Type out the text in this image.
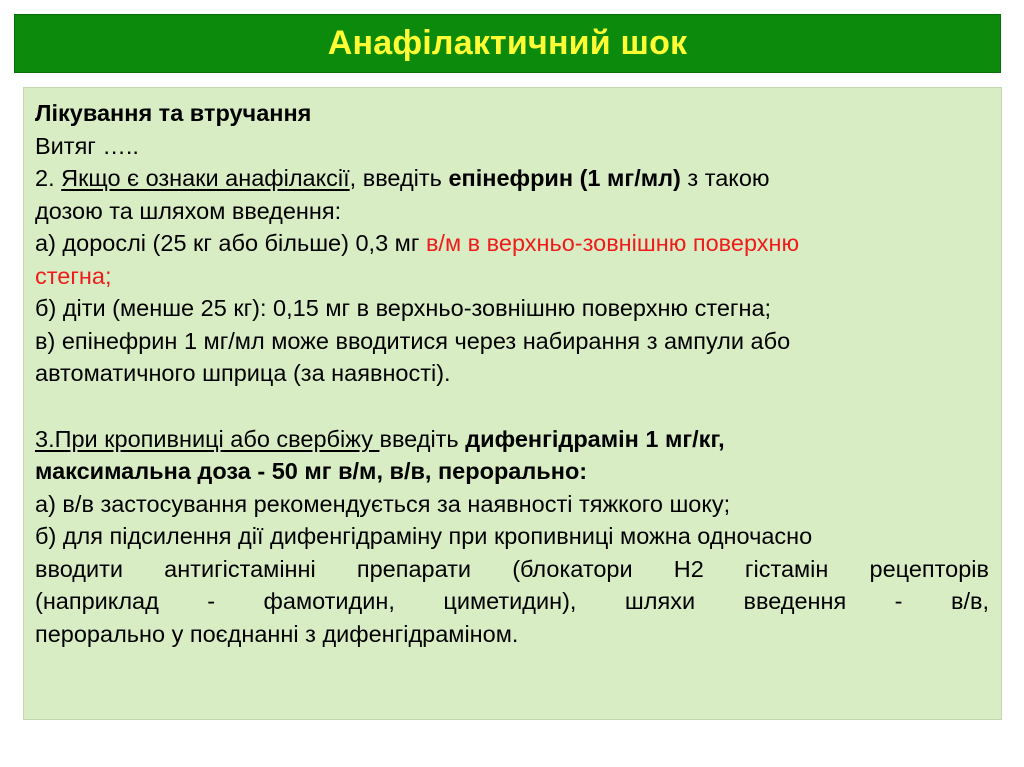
Анафілактичний шок
Лікування та втручання
Витяг …..
2. Якщо є ознаки анафілаксії, введіть епінефрин (1 мг/мл) з такою
дозою та шляхом введення:
а) дорослі (25 кг або більше) 0,3 мг в/м в верхньо-зовнішню поверхню
стегна;
б) діти (менше 25 кг): 0,15 мг в верхньо-зовнішню поверхню стегна;
в) епінефрин 1 мг/мл може вводитися через набирання з ампули або
автоматичного шприца (за наявності).
3.При кропивниці або свербіжу введіть дифенгідрамін 1 мг/кг,
максимальна доза - 50 мг в/м, в/в, перорально:
а) в/в застосування рекомендується за наявності тяжкого шоку;
б) для підсилення дії дифенгідраміну при кропивниці можна одночасно
вводити антигістамінні препарати (блокатори Н2 гістамін рецепторів
(наприклад - фамотидин, циметидин), шляхи введення - в/в,
перорально у поєднанні з дифенгідраміном.
